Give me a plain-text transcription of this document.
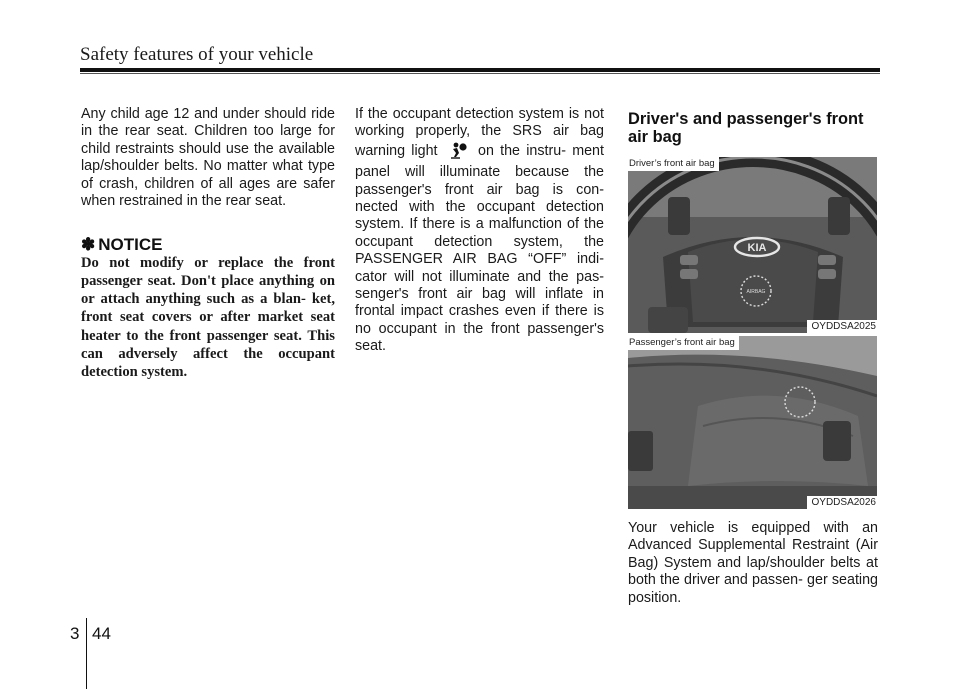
Safety features of your vehicle

Any child age 12 and under should ride in the rear seat. Children too large for child restraints should use the available lap/shoulder belts. No matter what type of crash, children of all ages are safer when restrained in the rear seat.

✽ NOTICE

Do not modify or replace the front passenger seat. Don't place anything on or attach anything such as a blan- ket, front seat covers or after market seat heater to the front passenger seat. This can adversely affect the occupant detection system.

If the occupant detection system is not working properly, the SRS air bag warning light	on the instru- ment panel will illuminate because the passenger's front air bag is con- nected with the occupant detection system. If there is a malfunction of the occupant detection system, the PASSENGER AIR BAG “OFF” indi- cator will not illuminate and the pas- senger's front air bag will inflate in frontal impact crashes even if there is no occupant in the front passenger's seat.

Driver's and passenger's front air bag
KIA
AIRBAG
Driver’s front air bag
OYDDSA2025
Passenger’s front air bag
OYDDSA2026

Your vehicle is equipped with an Advanced Supplemental Restraint (Air Bag) System and lap/shoulder belts at both the driver and passen- ger seating position.

3 44
